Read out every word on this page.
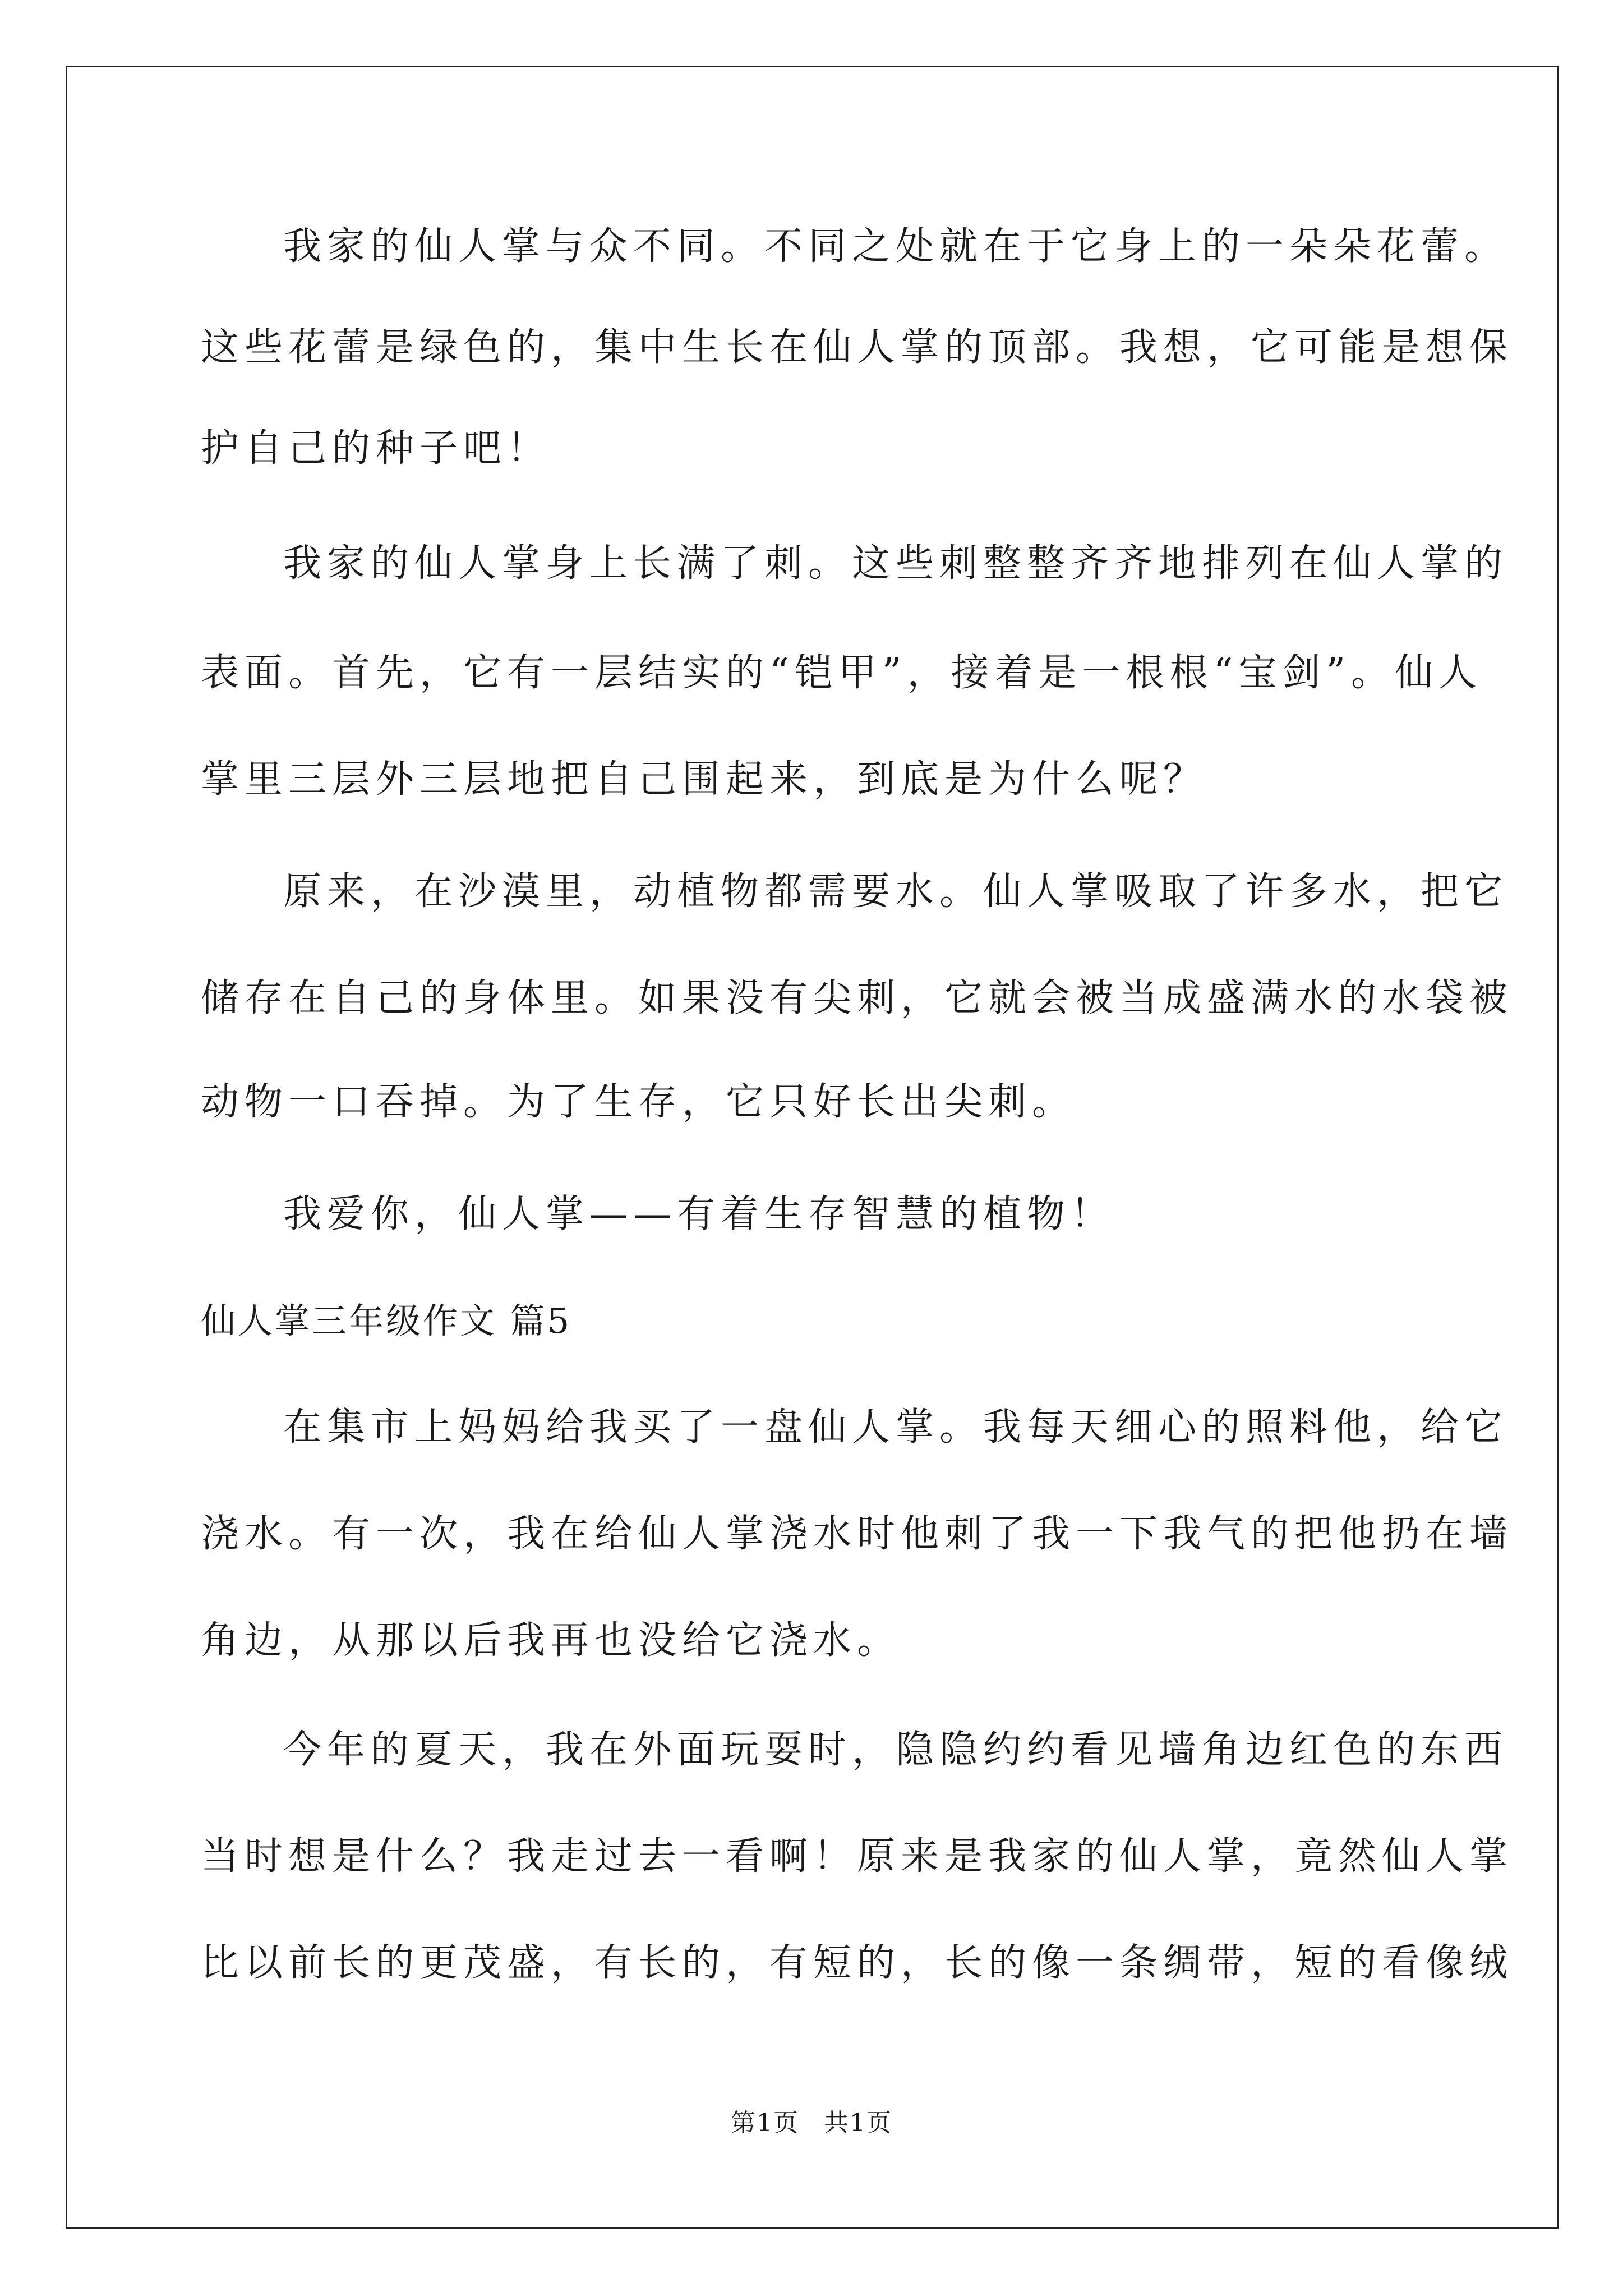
我家的仙人掌与众不同。不同之处就在于它身上的一朵朵花蕾。
这些花蕾是绿色的，集中生长在仙人掌的顶部。我想，它可能是想保
护自己的种子吧！
我家的仙人掌身上长满了刺。这些刺整整齐齐地排列在仙人掌的
表面。首先，它有一层结实的“铠甲”，接着是一根根“宝剑”。仙人
掌里三层外三层地把自己围起来，到底是为什么呢？
原来，在沙漠里，动植物都需要水。仙人掌吸取了许多水，把它
储存在自己的身体里。如果没有尖刺，它就会被当成盛满水的水袋被
动物一口吞掉。为了生存，它只好长出尖刺。
我爱你，仙人掌——有着生存智慧的植物！
仙人掌三年级作文 篇5
在集市上妈妈给我买了一盘仙人掌。我每天细心的照料他，给它
浇水。有一次，我在给仙人掌浇水时他刺了我一下我气的把他扔在墙
角边，从那以后我再也没给它浇水。
今年的夏天，我在外面玩耍时，隐隐约约看见墙角边红色的东西
当时想是什么？我走过去一看啊！原来是我家的仙人掌，竟然仙人掌
比以前长的更茂盛，有长的，有短的，长的像一条绸带，短的看像绒
第1页 共1页
